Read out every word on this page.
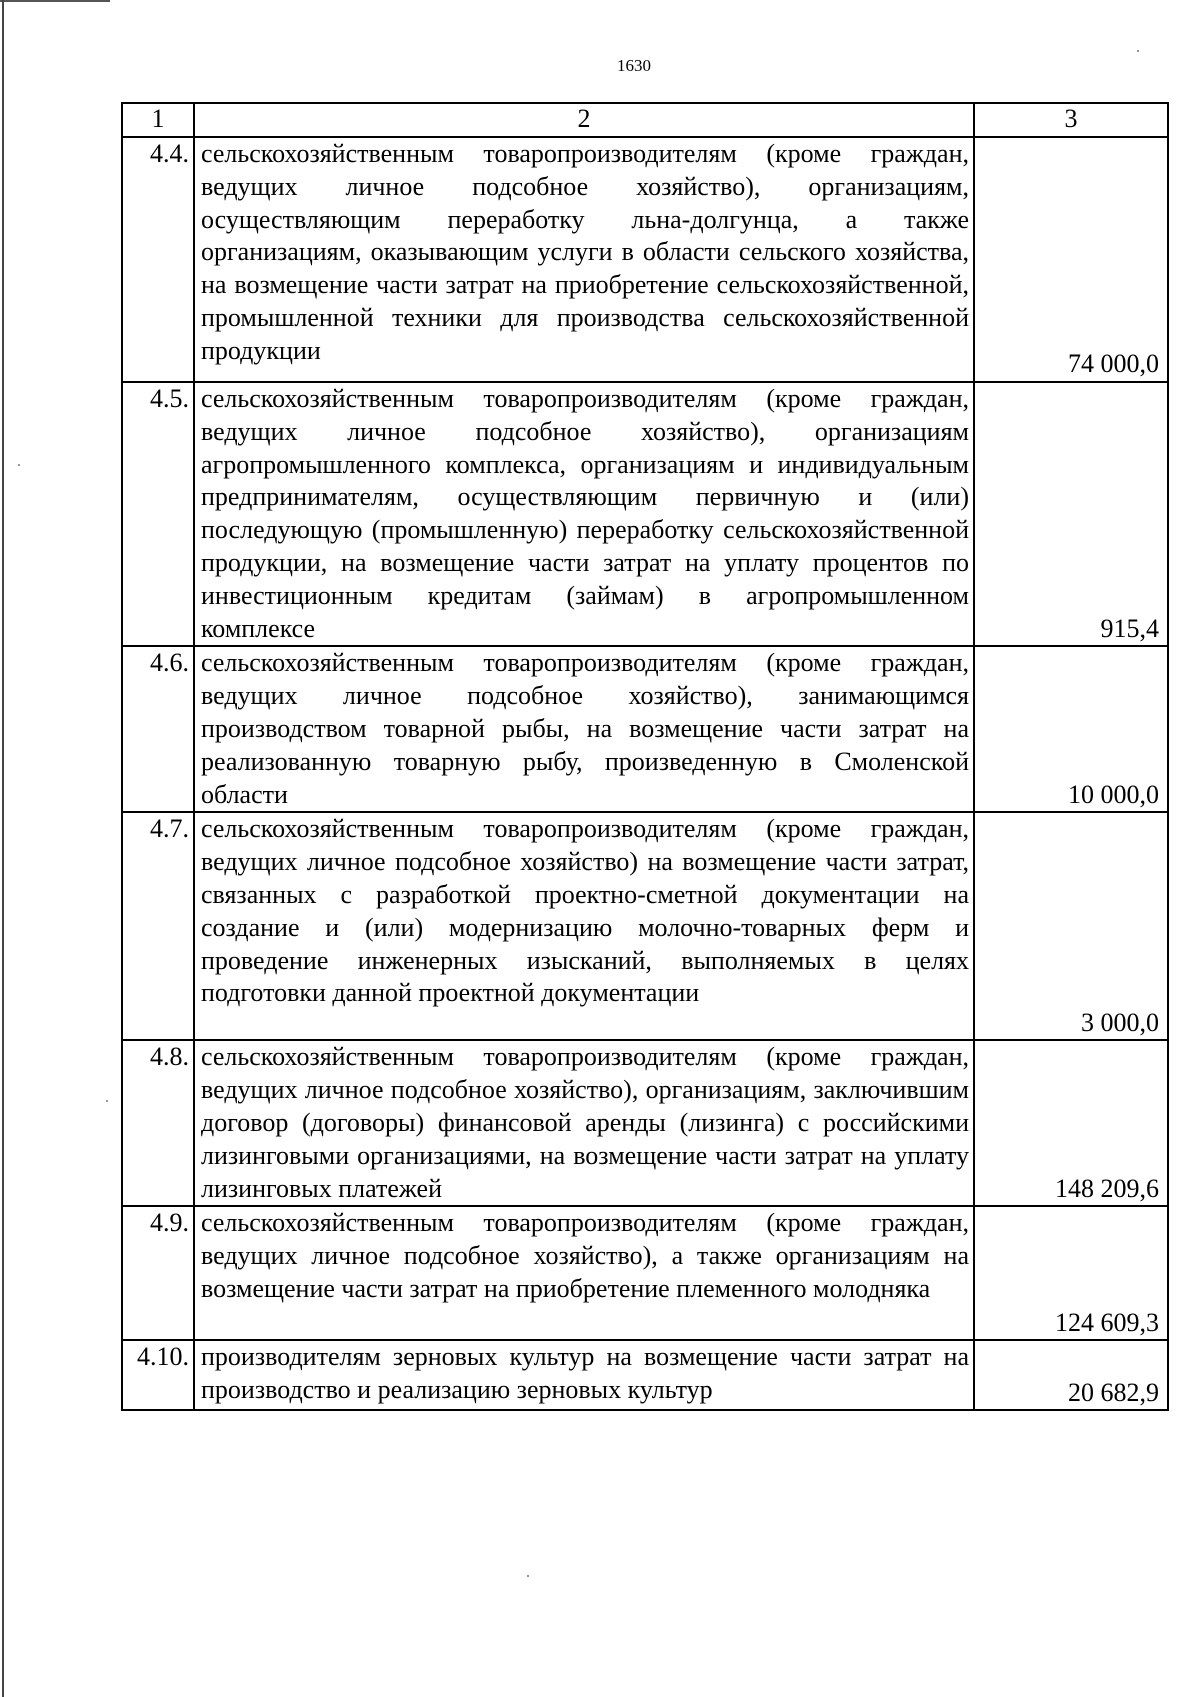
1630
1	2	3
4.4.	сельскохозяйственным товаропроизводителям (кроме граждан, ведущих личное подсобное хозяйство), организациям, осуществляющим переработку льна-долгунца, а также организациям, оказывающим услуги в области сельского хозяйства, на возмещение части затрат на приобретение сельскохозяйственной, промышленной техники для производства сельскохозяйственной продукции	74 000,0
4.5.	сельскохозяйственным товаропроизводителям (кроме граждан, ведущих личное подсобное хозяйство), организациям агропромышленного комплекса, организациям и индивидуальным предпринимателям, осуществляющим первичную и (или) последующую (промышленную) переработку сельскохозяйственной продукции, на возмещение части затрат на уплату процентов по инвестиционным кредитам (займам) в агропромышленном комплексе	915,4
4.6.	сельскохозяйственным товаропроизводителям (кроме граждан, ведущих личное подсобное хозяйство), занимающимся производством товарной рыбы, на возмещение части затрат на реализованную товарную рыбу, произведенную в Смоленской области	10 000,0
4.7.	сельскохозяйственным товаропроизводителям (кроме граждан, ведущих личное подсобное хозяйство) на возмещение части затрат, связанных с разработкой проектно-сметной документации на создание и (или) модернизацию молочно-товарных ферм и проведение инженерных изысканий, выполняемых в целях подготовки данной проектной документации	3 000,0
4.8.	сельскохозяйственным товаропроизводителям (кроме граждан, ведущих личное подсобное хозяйство), организациям, заключившим договор (договоры) финансовой аренды (лизинга) с российскими лизинговыми организациями, на возмещение части затрат на уплату лизинговых платежей	148 209,6
4.9.	сельскохозяйственным товаропроизводителям (кроме граждан, ведущих личное подсобное хозяйство), а также организациям на возмещение части затрат на приобретение племенного молодняка	124 609,3
4.10.	производителям зерновых культур на возмещение части затрат на производство и реализацию зерновых культур	20 682,9
